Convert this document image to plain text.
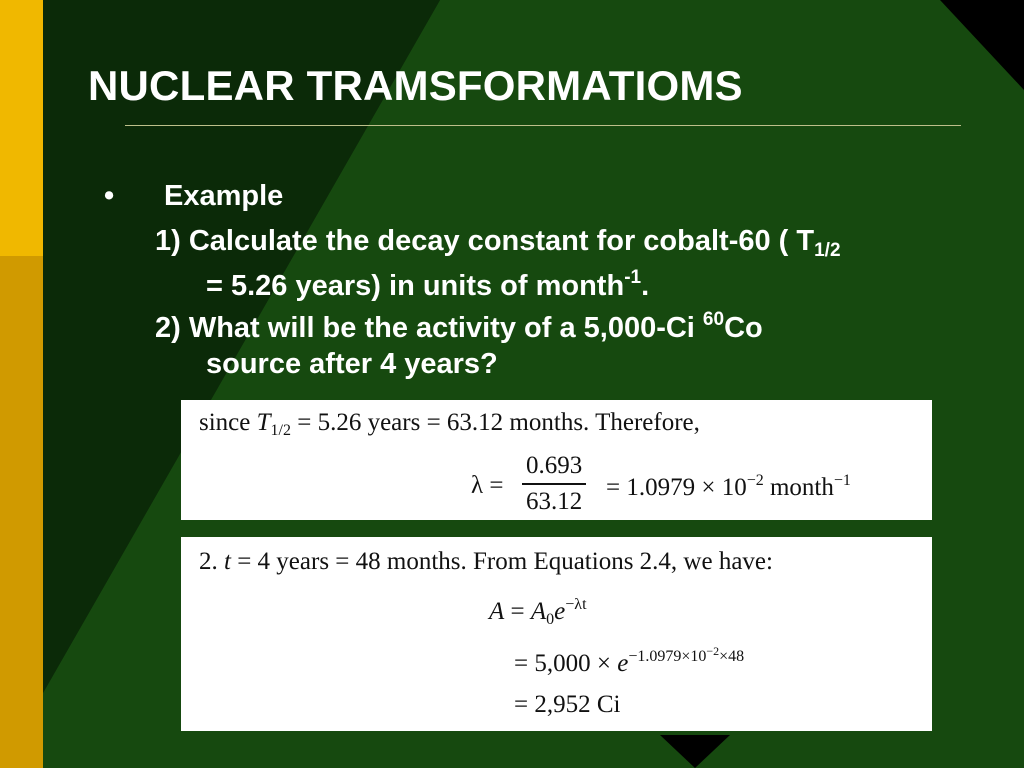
NUCLEAR TRAMSFORMATIOMS
• Example
1) Calculate the decay constant for cobalt-60 ( $T_{1/2}$
= 5.26 years) in units of month$^{-1}$.
2) What will be the activity of a 5,000-Ci $^{60}$Co
source after 4 years?
since $T_{1/2} = 5.26$ years = 63.12 months. Therefore,
$\lambda = \frac{0.693}{63.12} = 1.0979 \times 10^{-2}$ month$^{-1}$
2. t = 4 years = 48 months. From Equations 2.4, we have:
$A = A_0e^{-\lambda t}$
= $5,000 \times e^{-1.0979\times 10^{-2}\times 48}$
= 2,952 Ci
